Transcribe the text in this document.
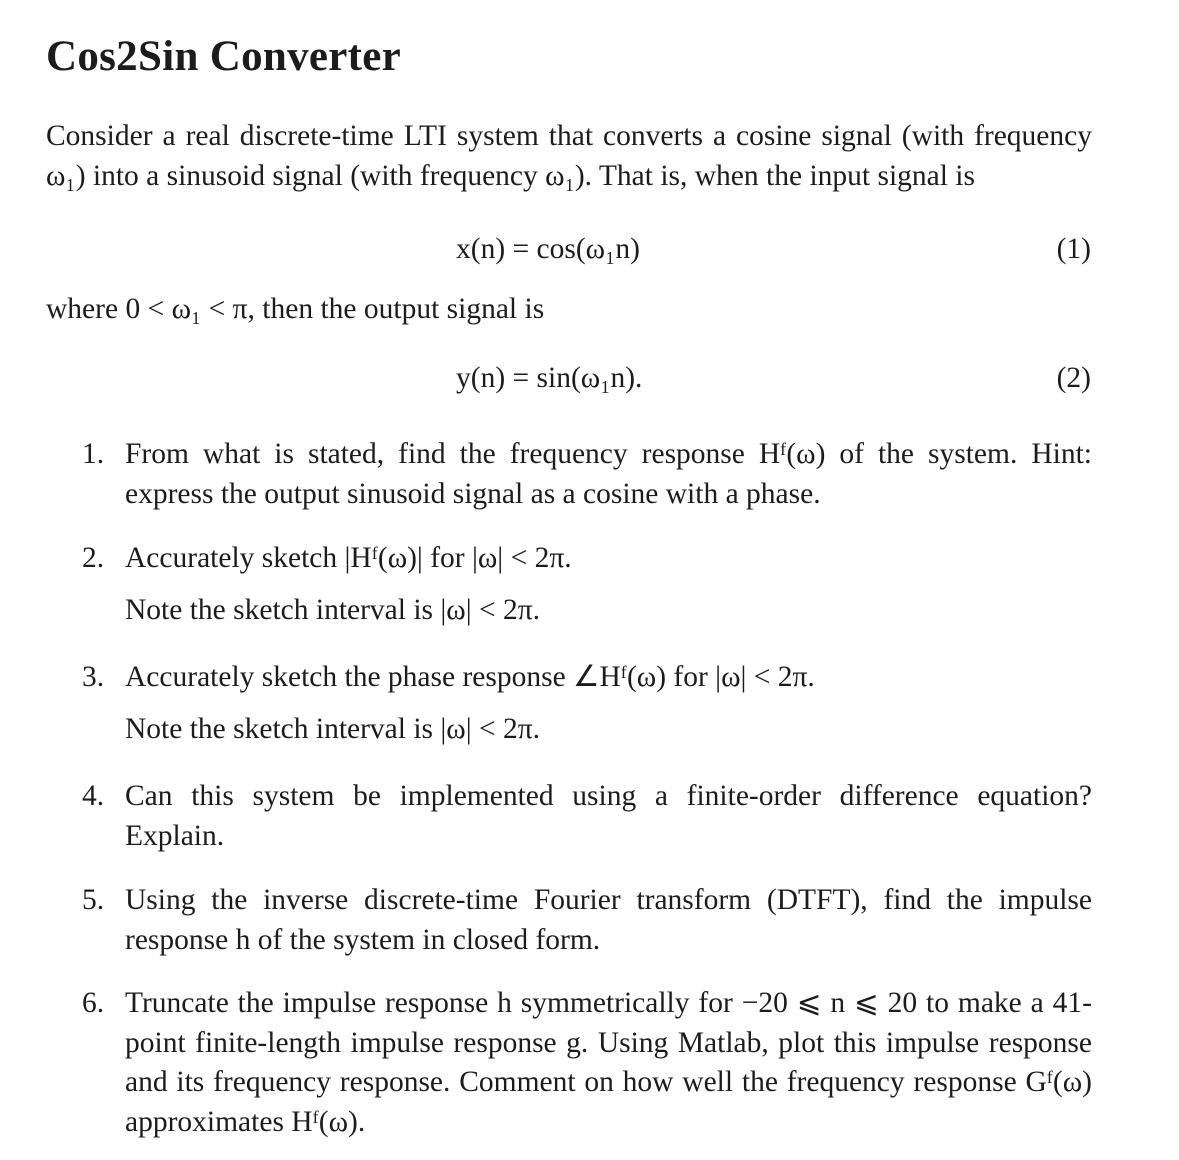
Cos2Sin Converter

Consider a real discrete-time LTI system that converts a cosine signal (with frequency ω₁) into a sinusoid signal (with frequency ω₁). That is, when the input signal is

x(n) = cos(ω₁n)	(1)

where 0 < ω₁ < π, then the output signal is

y(n) = sin(ω₁n).	(2)
1. From what is stated, find the frequency response Hᶠ(ω) of the system. Hint: express the output sinusoid signal as a cosine with a phase.
2. Accurately sketch |Hᶠ(ω)| for |ω| < 2π.
Note the sketch interval is |ω| < 2π.
3. Accurately sketch the phase response ∠Hᶠ(ω) for |ω| < 2π.
Note the sketch interval is |ω| < 2π.
4. Can this system be implemented using a finite-order difference equation? Explain.
5. Using the inverse discrete-time Fourier transform (DTFT), find the impulse response h of the system in closed form.
6. Truncate the impulse response h symmetrically for −20 ⩽ n ⩽ 20 to make a 41-point finite-length impulse response g. Using Matlab, plot this impulse response and its frequency response. Comment on how well the frequency response Gᶠ(ω) approximates Hᶠ(ω).
